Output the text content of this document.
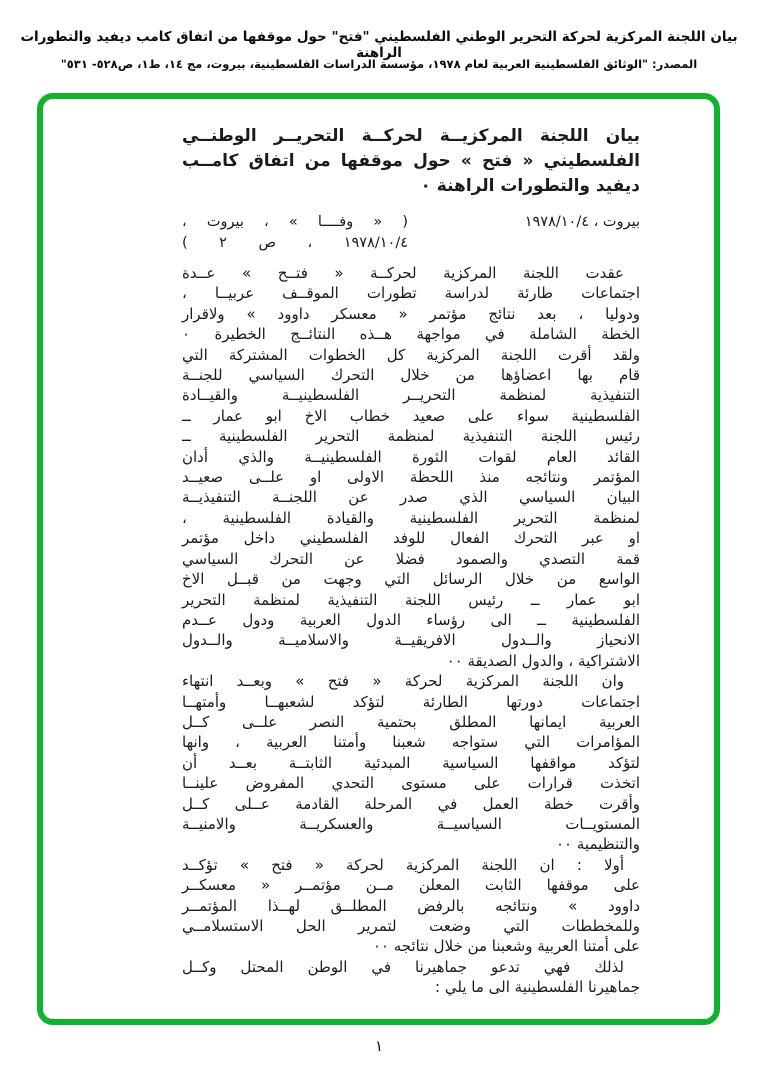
بيان اللجنة المركزية لحركة التحرير الوطني الفلسطيني "فتح" حول موقفها من اتفاق كامب ديفيد والتطورات الراهنة
المصدر: "الوثائق الفلسطينية العربية لعام ١٩٧٨، مؤسسة الدراسات الفلسطينية، بيروت، مج ١٤، ط١، ص٥٢٨- ٥٣١"
بيان اللجنة المركزيــة لحركــة التحريــر الوطنــي
الفلسطيني « فتح » حول موقفها من اتفاق كامــب
ديفيد والتطورات الراهنة ٠
بيروت ، ١٩٧٨/١٠/٤
( « وفــــا » ، بيروت ،
١٩٧٨/١٠/٤ ، ص ٢ )
عقدت اللجنة المركزية لحركــة « فتــح » عــدة
اجتماعات طارئة لدراسة تطورات الموقــف عربيــا ،
ودوليا ، بعد نتائج مؤتمر « معسكر داوود » ولاقرار
الخطة الشاملة في مواجهة هــذه النتائــج الخطيرة ٠
ولقد أقرت اللجنة المركزية كل الخطوات المشتركة التي
قام بها اعضاؤها من خلال التحرك السياسي للجنــة
التنفيذية لمنظمة التحريــر الفلسطينيــة والقيــادة
الفلسطينية سواء على صعيد خطاب الاخ ابو عمار ــ
رئيس اللجنة التنفيذية لمنظمة التحرير الفلسطينية ــ
القائد العام لقوات الثورة الفلسطينيــة والذي أدان
المؤتمر ونتائجه منذ اللحظة الاولى او علــى صعيــد
البيان السياسي الذي صدر عن اللجنــة التنفيذيــة
لمنظمة التحرير الفلسطينية والقيادة الفلسطينية ،
او عبر التحرك الفعال للوفد الفلسطيني داخل مؤتمر
قمة التصدي والصمود فضلا عن التحرك السياسي
الواسع من خلال الرسائل التي وجهت من قبــل الاخ
ابو عمار ــ رئيس اللجنة التنفيذية لمنظمة التحرير
الفلسطينية ــ الى رؤساء الدول العربية ودول عــدم
الانحياز والــدول الافريقيــة والاسلاميــة والــدول
الاشتراكية ، والدول الصديقة ٠٠
وان اللجنة المركزية لحركة « فتح » وبعــد انتهاء
اجتماعات دورتها الطارئة لتؤكد لشعبهــا وأمتهــا
العربية ايمانها المطلق بحتمية النصر علــى كــل
المؤامرات التي ستواجه شعبنا وأمتنا العربية ، وانها
لتؤكد مواقفها السياسية المبدئية الثابتــة بعــد أن
اتخذت قرارات على مستوى التحدي المفروض علينــا
وأقرت خطة العمل في المرحلة القادمة عــلى كــل
المستويــات السياسيــة والعسكريــة والامنيــة
والتنظيمية ٠٠
أولا : ان اللجنة المركزية لحركة « فتح » تؤكــد
على موقفها الثابت المعلن مــن مؤتمــر « معسكــر
داوود » ونتائجه بالرفض المطلــق لهــذا المؤتمــر
وللمخططات التي وضعت لتمرير الحل الاستسلامــي
على أمتنا العربية وشعبنا من خلال نتائجه ٠٠
لذلك فهي تدعو جماهيرنا في الوطن المحتل وكــل
جماهيرنا الفلسطينية الى ما يلي :
١
